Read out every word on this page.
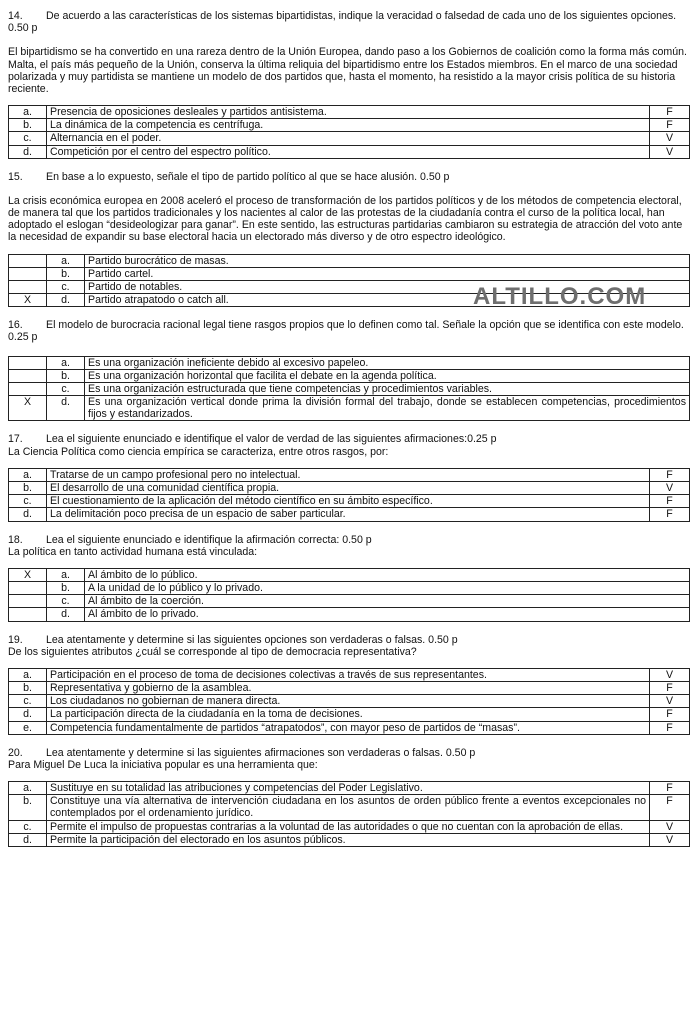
14. De acuerdo a las características de los sistemas bipartidistas, indique la veracidad o falsedad de cada uno de los siguientes opciones. 0.50 p

El bipartidismo se ha convertido en una rareza dentro de la Unión Europea, dando paso a los Gobiernos de coalición como la forma más común. Malta, el país más pequeño de la Unión, conserva la última reliquia del bipartidismo entre los Estados miembros. En el marco de una sociedad polarizada y muy partidista se mantiene un modelo de dos partidos que, hasta el momento, ha resistido a la mayor crisis política de su historia reciente.

a.	Presencia de oposiciones desleales y partidos antisistema.	F
b.	La dinámica de la competencia es centrífuga.	F
c.	Alternancia en el poder.	V
d.	Competición por el centro del espectro político.	V

15. En base a lo expuesto, señale el tipo de partido político al que se hace alusión. 0.50 p

La crisis económica europea en 2008 aceleró el proceso de transformación de los partidos políticos y de los métodos de competencia electoral, de manera tal que los partidos tradicionales y los nacientes al calor de las protestas de la ciudadanía contra el curso de la política local, han adoptado el eslogan “desideologizar para ganar”. En este sentido, las estructuras partidarias cambiaron su estrategia de atracción del voto ante la necesidad de expandir su base electoral hacia un electorado más diverso y de otro espectro ideológico.

	a.	Partido burocrático de masas.
	b.	Partido cartel.
	c.	Partido de notables.
X	d.	Partido atrapatodo o catch all.

16. El modelo de burocracia racional legal tiene rasgos propios que lo definen como tal. Señale la opción que se identifica con este modelo. 0.25 p

	a.	Es una organización ineficiente debido al excesivo papeleo.
	b.	Es una organización horizontal que facilita el debate en la agenda política.
	c.	Es una organización estructurada que tiene competencias y procedimientos variables.
X	d.	Es una organización vertical donde prima la división formal del trabajo, donde se establecen competencias, procedimientos fijos y estandarizados.

17. Lea el siguiente enunciado e identifique el valor de verdad de las siguientes afirmaciones:0.25 p

La Ciencia Política como ciencia empírica se caracteriza, entre otros rasgos, por:

a.	Tratarse de un campo profesional pero no intelectual.	F
b.	El desarrollo de una comunidad científica propia.	V
c.	El cuestionamiento de la aplicación del método científico en su ámbito específico.	F
d.	La delimitación poco precisa de un espacio de saber particular.	F

18. Lea el siguiente enunciado e identifique la afirmación correcta: 0.50 p

La política en tanto actividad humana está vinculada:

X	a.	Al ámbito de lo público.
	b.	A la unidad de lo público y lo privado.
	c.	Al ámbito de la coerción.
	d.	Al ámbito de lo privado.

19. Lea atentamente y determine si las siguientes opciones son verdaderas o falsas. 0.50 p

De los siguientes atributos ¿cuál se corresponde al tipo de democracia representativa?

a.	Participación en el proceso de toma de decisiones colectivas a través de sus representantes.	V
b.	Representativa y gobierno de la asamblea.	F
c.	Los ciudadanos no gobiernan de manera directa.	V
d.	La participación directa de la ciudadanía en la toma de decisiones.	F
e.	Competencia fundamentalmente de partidos “atrapatodos”, con mayor peso de partidos de “masas”.	F

20. Lea atentamente y determine si las siguientes afirmaciones son verdaderas o falsas. 0.50 p

Para Miguel De Luca la iniciativa popular es una herramienta que:

a.	Sustituye en su totalidad las atribuciones y competencias del Poder Legislativo.	F
b.	Constituye una vía alternativa de intervención ciudadana en los asuntos de orden público frente a eventos excepcionales no contemplados por el ordenamiento jurídico.	F
c.	Permite el impulso de propuestas contrarias a la voluntad de las autoridades o que no cuentan con la aprobación de ellas.	V
d.	Permite la participación del electorado en los asuntos públicos.	V
ALTILLO.COM
